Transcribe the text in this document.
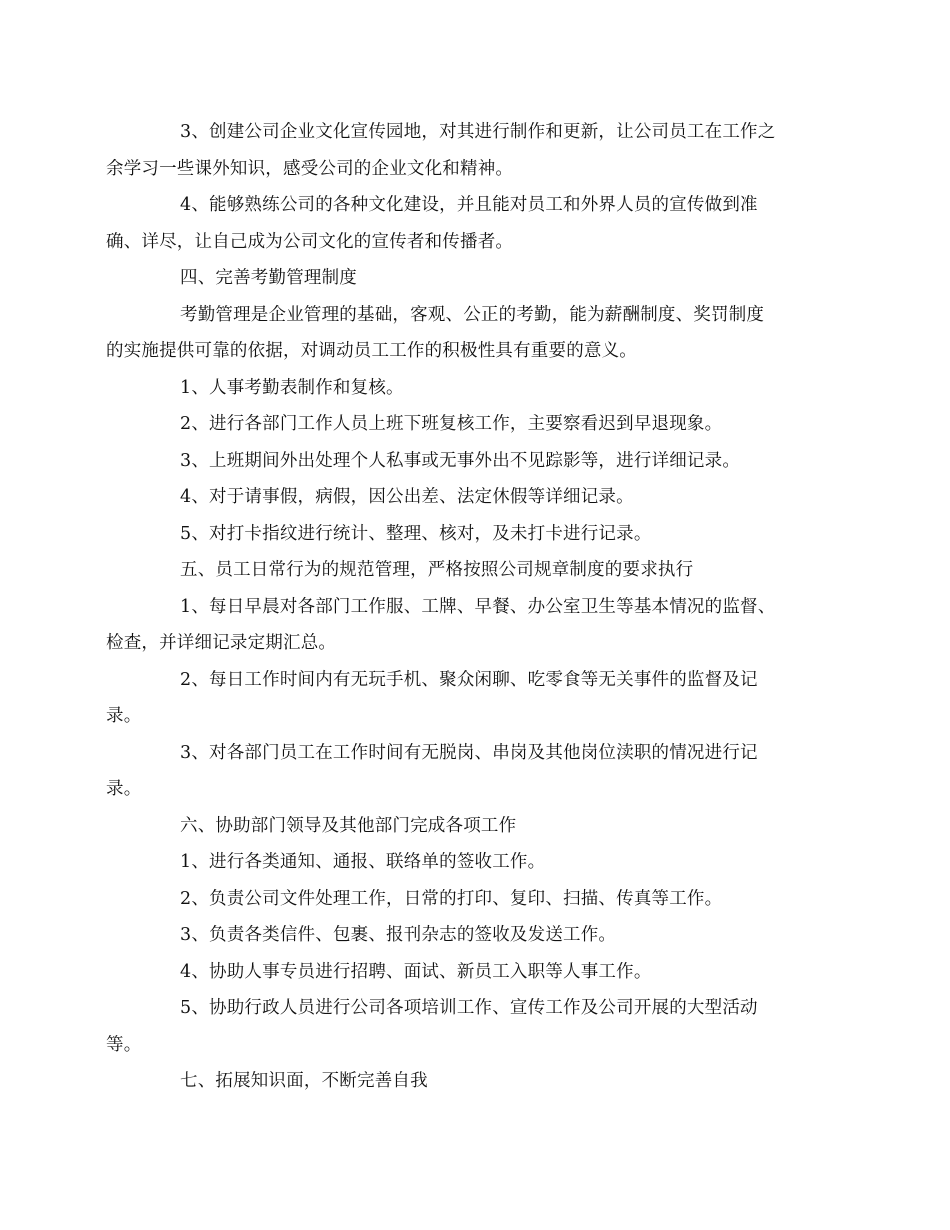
3、创建公司企业文化宣传园地，对其进行制作和更新，让公司员工在工作之
余学习一些课外知识，感受公司的企业文化和精神。

4、能够熟练公司的各种文化建设，并且能对员工和外界人员的宣传做到准
确、详尽，让自己成为公司文化的宣传者和传播者。

四、完善考勤管理制度

考勤管理是企业管理的基础，客观、公正的考勤，能为薪酬制度、奖罚制度
的实施提供可靠的依据，对调动员工工作的积极性具有重要的意义。

1、人事考勤表制作和复核。

2、进行各部门工作人员上班下班复核工作，主要察看迟到早退现象。

3、上班期间外出处理个人私事或无事外出不见踪影等，进行详细记录。

4、对于请事假，病假，因公出差、法定休假等详细记录。

5、对打卡指纹进行统计、整理、核对，及未打卡进行记录。

五、员工日常行为的规范管理，严格按照公司规章制度的要求执行

1、每日早晨对各部门工作服、工牌、早餐、办公室卫生等基本情况的监督、
检查，并详细记录定期汇总。

2、每日工作时间内有无玩手机、聚众闲聊、吃零食等无关事件的监督及记
录。

3、对各部门员工在工作时间有无脱岗、串岗及其他岗位渎职的情况进行记
录。

六、协助部门领导及其他部门完成各项工作

1、进行各类通知、通报、联络单的签收工作。

2、负责公司文件处理工作，日常的打印、复印、扫描、传真等工作。

3、负责各类信件、包裹、报刊杂志的签收及发送工作。

4、协助人事专员进行招聘、面试、新员工入职等人事工作。

5、协助行政人员进行公司各项培训工作、宣传工作及公司开展的大型活动
等。

七、拓展知识面，不断完善自我
